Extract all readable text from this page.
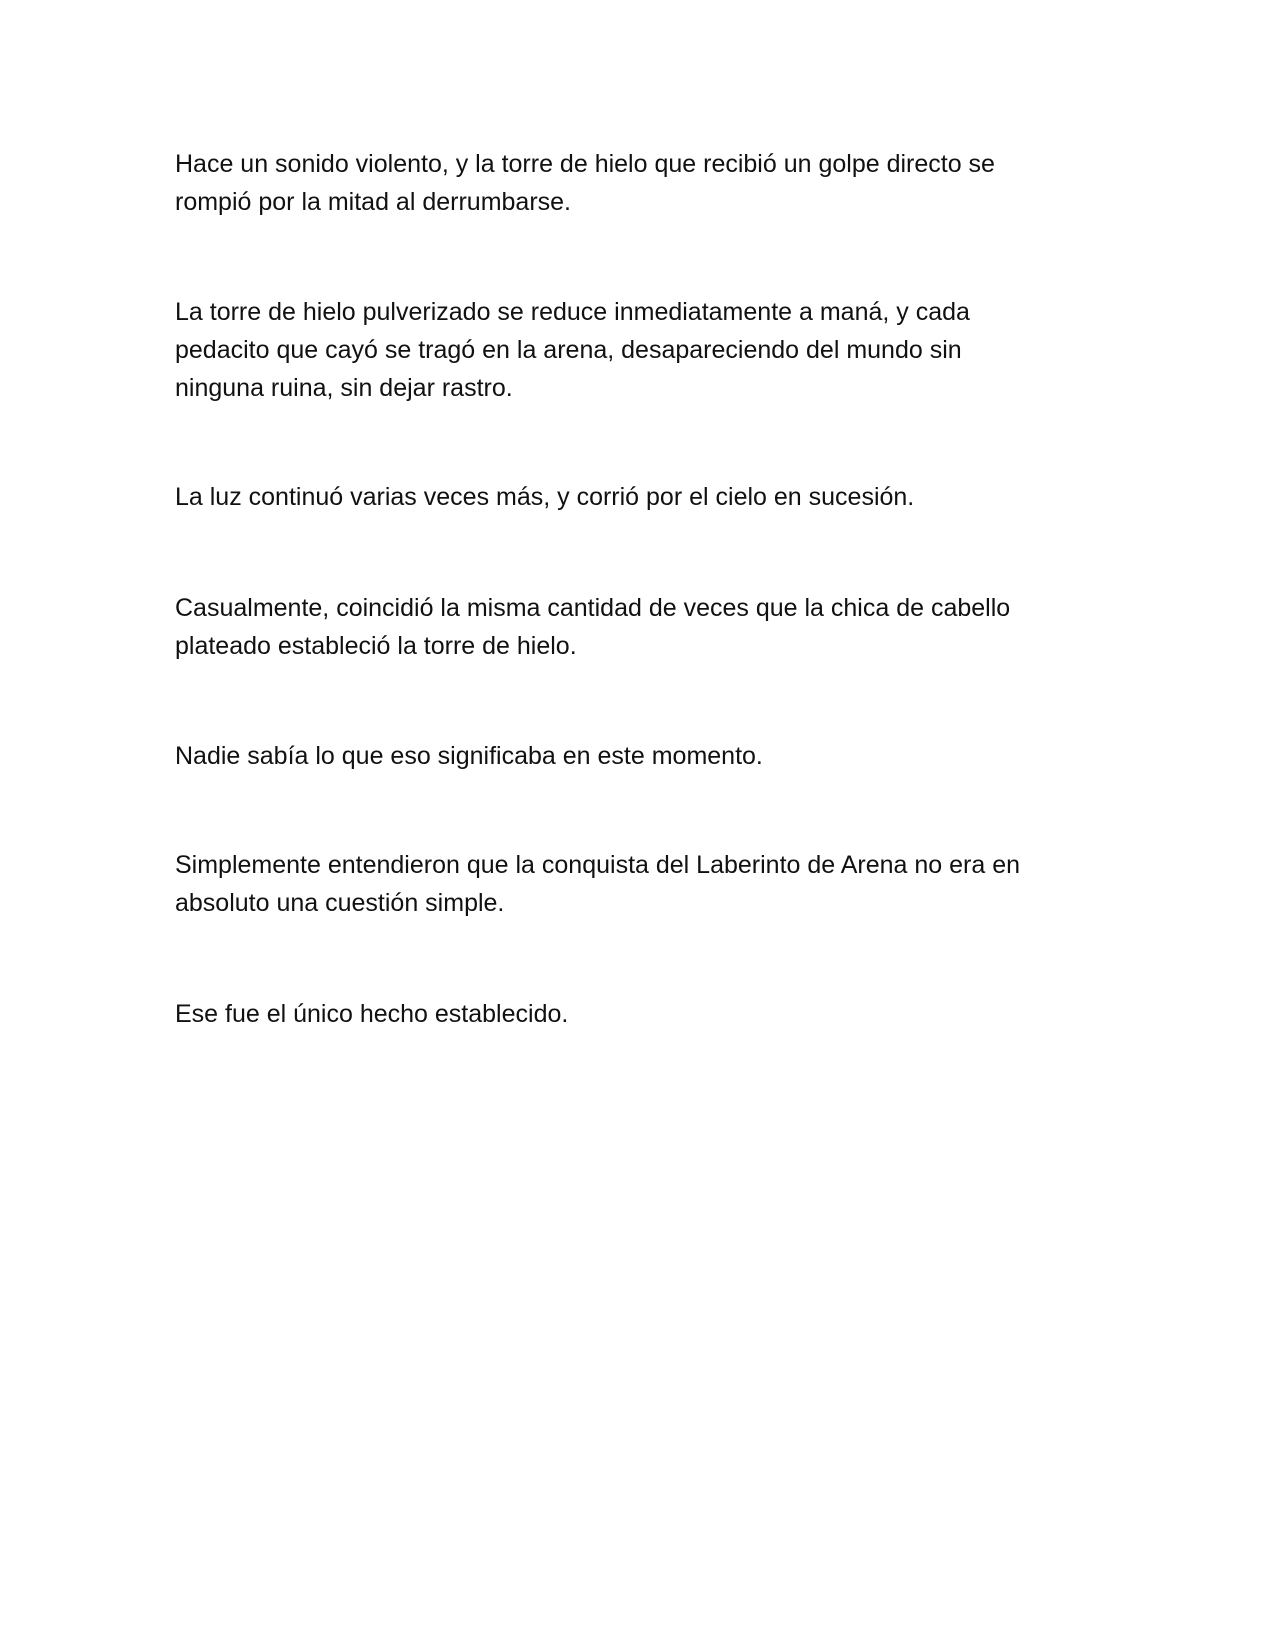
Hace un sonido violento, y la torre de hielo que recibió un golpe directo se
rompió por la mitad al derrumbarse.

La torre de hielo pulverizado se reduce inmediatamente a maná, y cada
pedacito que cayó se tragó en la arena, desapareciendo del mundo sin
ninguna ruina, sin dejar rastro.

La luz continuó varias veces más, y corrió por el cielo en sucesión.

Casualmente, coincidió la misma cantidad de veces que la chica de cabello
plateado estableció la torre de hielo.

Nadie sabía lo que eso significaba en este momento.

Simplemente entendieron que la conquista del Laberinto de Arena no era en
absoluto una cuestión simple.

Ese fue el único hecho establecido.
